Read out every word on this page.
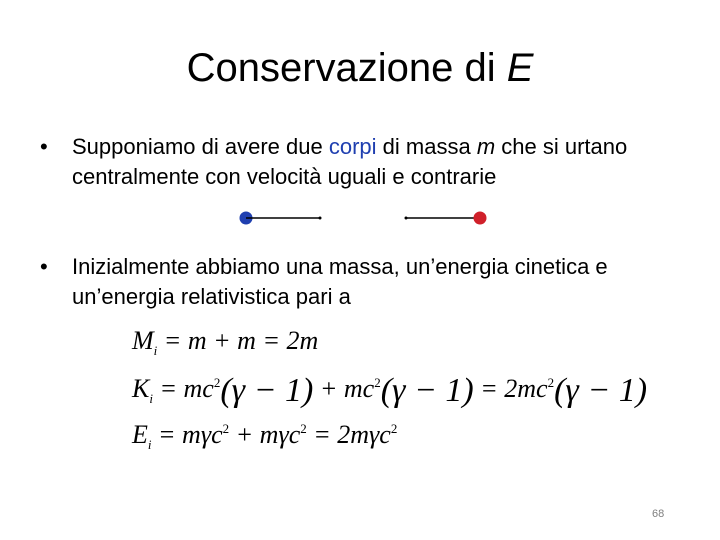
Conservazione di E
•	Supponiamo di avere due corpi di massa m che si urtano centralmente con velocità uguali e contrarie
•	Inizialmente abbiamo una massa, un’energia cinetica e un’energia relativistica pari a
$M_i = m + m = 2m$
$K_i = mc^2(\gamma - 1) + mc^2(\gamma - 1) = 2mc^2(\gamma - 1)$
$E_i = m\gamma c^2 + m\gamma c^2 = 2m\gamma c^2$
68
